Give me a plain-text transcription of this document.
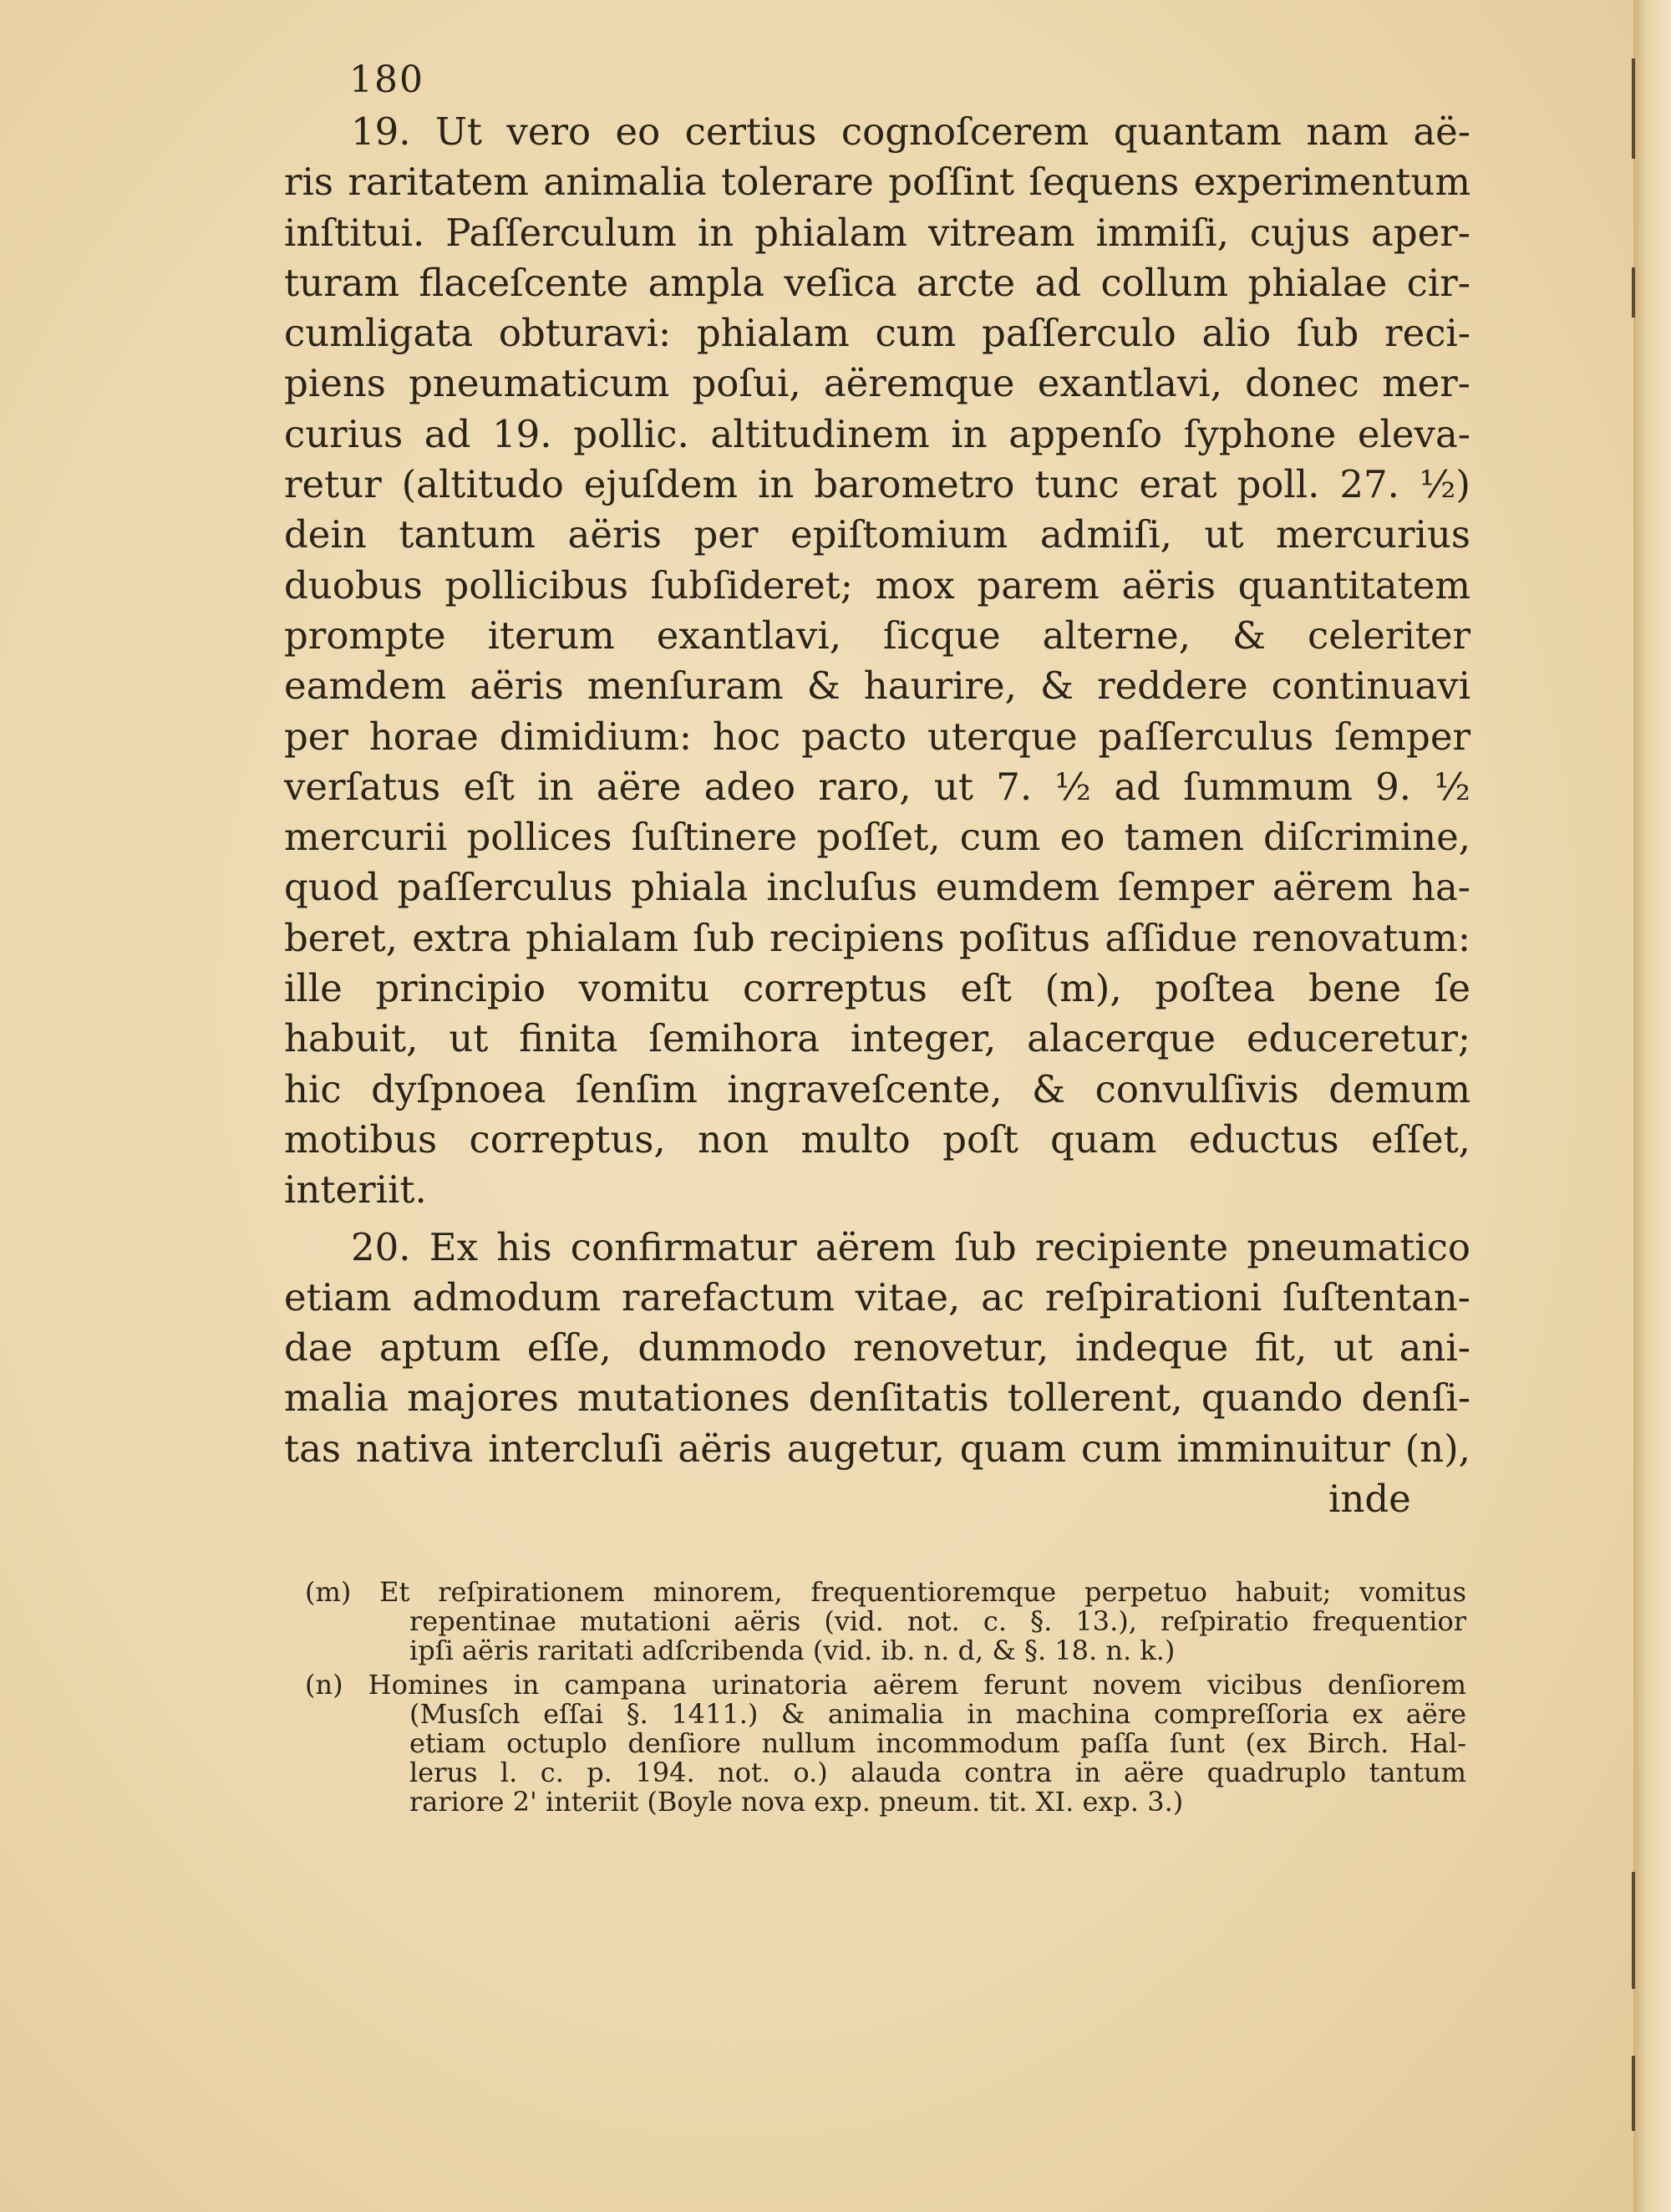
180
19. Ut vero eo certius cognoſcerem quantam nam aë-
ris raritatem animalia tolerare poſſint ſequens experimentum
inſtitui. Paſſerculum in phialam vitream immiſi, cujus aper-
turam flaceſcente ampla veſica arcte ad collum phialae cir-
cumligata obturavi: phialam cum paſſerculo alio ſub reci-
piens pneumaticum poſui, aëremque exantlavi, donec mer-
curius ad 19. pollic. altitudinem in appenſo ſyphone eleva-
retur (altitudo ejuſdem in barometro tunc erat poll. 27. ½)
dein tantum aëris per epiſtomium admiſi, ut mercurius
duobus pollicibus ſubſideret; mox parem aëris quantitatem
prompte iterum exantlavi, ſicque alterne, & celeriter
eamdem aëris menſuram & haurire, & reddere continuavi
per horae dimidium: hoc pacto uterque paſſerculus ſemper
verſatus eſt in aëre adeo raro, ut 7. ½ ad ſummum 9. ½
mercurii pollices ſuſtinere poſſet, cum eo tamen diſcrimine,
quod paſſerculus phiala incluſus eumdem ſemper aërem ha-
beret, extra phialam ſub recipiens poſitus aſſidue renovatum:
ille principio vomitu correptus eſt (m), poſtea bene ſe
habuit, ut finita ſemihora integer, alacerque educeretur;
hic dyſpnoea ſenſim ingraveſcente, & convulſivis demum
motibus correptus, non multo poſt quam eductus eſſet,
interiit.
20. Ex his confirmatur aërem ſub recipiente pneumatico
etiam admodum rarefactum vitae, ac reſpirationi ſuſtentan-
dae aptum eſſe, dummodo renovetur, indeque fit, ut ani-
malia majores mutationes denſitatis tollerent, quando denſi-
tas nativa intercluſi aëris augetur, quam cum imminuitur (n),
inde
(m) Et reſpirationem minorem, frequentioremque perpetuo habuit; vomitus
repentinae mutationi aëris (vid. not. c. §. 13.), reſpiratio frequentior
ipſi aëris raritati adſcribenda (vid. ib. n. d, & §. 18. n. k.)
(n) Homines in campana urinatoria aërem ferunt novem vicibus denſiorem
(Musſch eſſai §. 1411.) & animalia in machina compreſſoria ex aëre
etiam octuplo denſiore nullum incommodum paſſa ſunt (ex Birch. Hal-
lerus l. c. p. 194. not. o.) alauda contra in aëre quadruplo tantum
rariore 2' interiit (Boyle nova exp. pneum. tit. XI. exp. 3.)
